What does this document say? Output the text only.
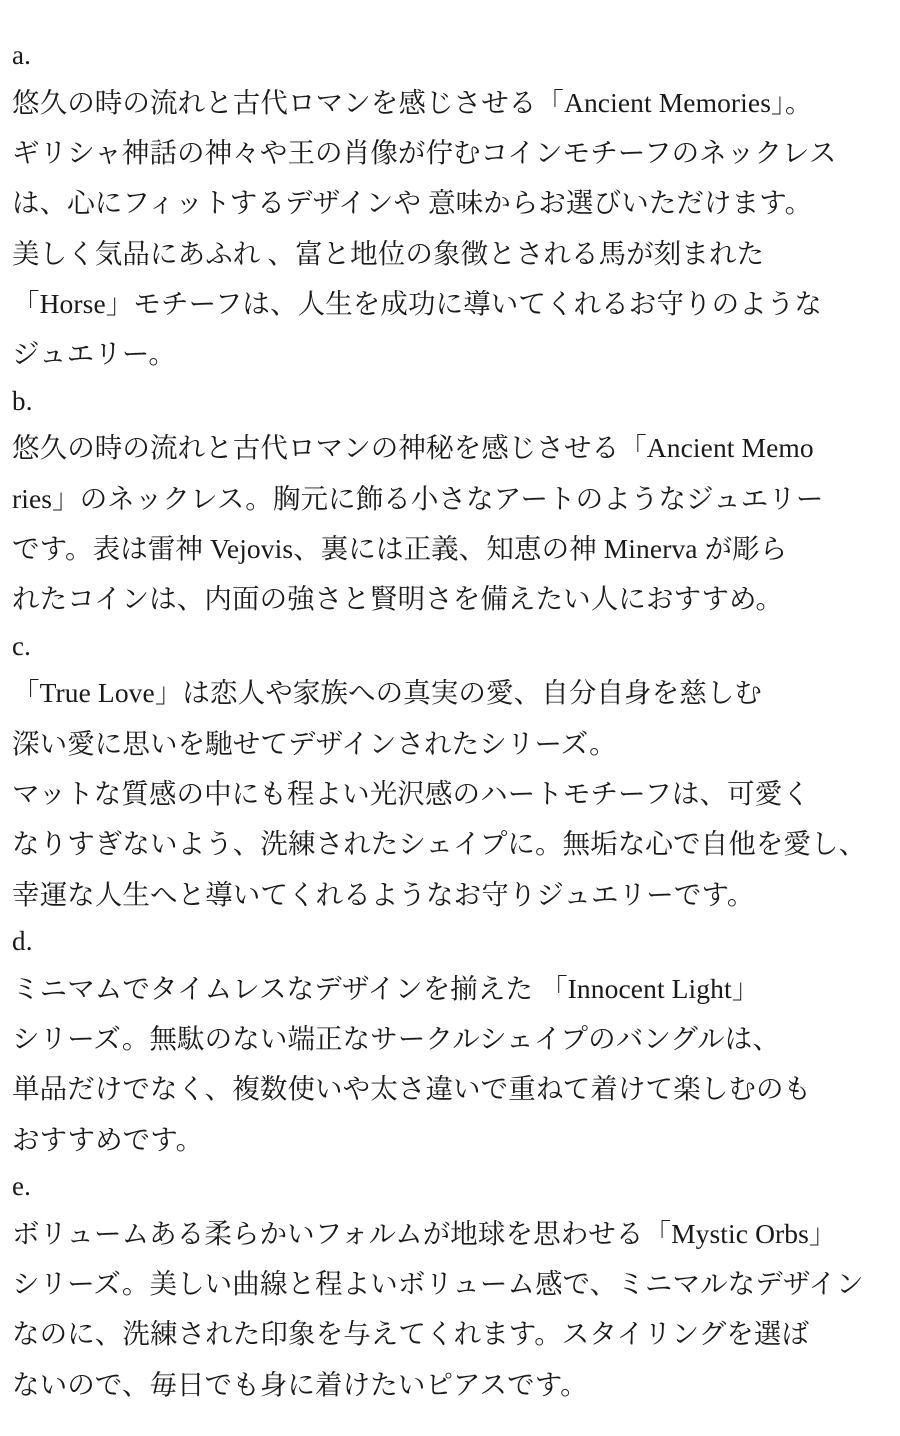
a.
悠久の時の流れと古代ロマンを感じさせる「Ancient Memories」。
ギリシャ神話の神々や王の肖像が佇むコインモチーフのネックレス
は、心にフィットするデザインや 意味からお選びいただけます。
美しく気品にあふれ 、富と地位の象徴とされる馬が刻まれた
「Horse」モチーフは、人生を成功に導いてくれるお守りのような
ジュエリー。
b.
悠久の時の流れと古代ロマンの神秘を感じさせる「Ancient Memo
ries」のネックレス。胸元に飾る小さなアートのようなジュエリー
です。表は雷神 Vejovis、裏には正義、知恵の神 Minerva が彫ら
れたコインは、内面の強さと賢明さを備えたい人におすすめ。
c.
「True Love」は恋人や家族への真実の愛、自分自身を慈しむ
深い愛に思いを馳せてデザインされたシリーズ。
マットな質感の中にも程よい光沢感のハートモチーフは、可愛く
なりすぎないよう、洗練されたシェイプに。無垢な心で自他を愛し、
幸運な人生へと導いてくれるようなお守りジュエリーです。
d.
ミニマムでタイムレスなデザインを揃えた 「Innocent Light」
シリーズ。無駄のない端正なサークルシェイプのバングルは、
単品だけでなく、複数使いや太さ違いで重ねて着けて楽しむのも
おすすめです。
e.
ボリュームある柔らかいフォルムが地球を思わせる「Mystic Orbs」
シリーズ。美しい曲線と程よいボリューム感で、ミニマルなデザイン
なのに、洗練された印象を与えてくれます。スタイリングを選ば
ないので、毎日でも身に着けたいピアスです。
